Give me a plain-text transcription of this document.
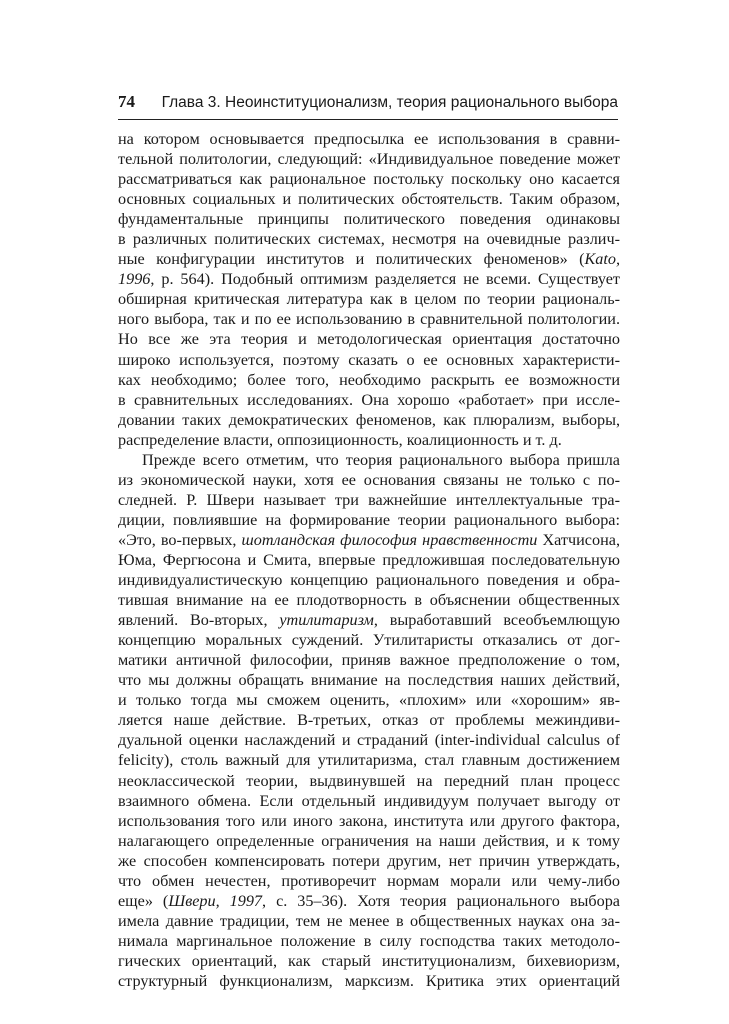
74 Глава 3. Неоинституционализм, теория рационального выбора
на котором основывается предпосылка ее использования в сравни-
тельной политологии, следующий: «Индивидуальное поведение может
рассматриваться как рациональное постольку поскольку оно касается
основных социальных и политических обстоятельств. Таким образом,
фундаментальные принципы политического поведения одинаковы
в различных политических системах, несмотря на очевидные различ-
ные конфигурации институтов и политических феноменов» (Kato,
1996, p. 564). Подобный оптимизм разделяется не всеми. Существует
обширная критическая литература как в целом по теории рациональ-
ного выбора, так и по ее использованию в сравнительной политологии.
Но все же эта теория и методологическая ориентация достаточно
широко используется, поэтому сказать о ее основных характеристи-
ках необходимо; более того, необходимо раскрыть ее возможности
в сравнительных исследованиях. Она хорошо «работает» при иссле-
довании таких демократических феноменов, как плюрализм, выборы,
распределение власти, оппозиционность, коалиционность и т. д.
Прежде всего отметим, что теория рационального выбора пришла
из экономической науки, хотя ее основания связаны не только с по-
следней. Р. Швери называет три важнейшие интеллектуальные тра-
диции, повлиявшие на формирование теории рационального выбора:
«Это, во-первых, шотландская философия нравственности Хатчисона,
Юма, Фергюсона и Смита, впервые предложившая последовательную
индивидуалистическую концепцию рационального поведения и обра-
тившая внимание на ее плодотворность в объяснении общественных
явлений. Во-вторых, утилитаризм, выработавший всеобъемлющую
концепцию моральных суждений. Утилитаристы отказались от дог-
матики античной философии, приняв важное предположение о том,
что мы должны обращать внимание на последствия наших действий,
и только тогда мы сможем оценить, «плохим» или «хорошим» яв-
ляется наше действие. В-третьих, отказ от проблемы межиндиви-
дуальной оценки наслаждений и страданий (inter-individual calculus of
felicity), столь важный для утилитаризма, стал главным достижением
неоклассической теории, выдвинувшей на передний план процесс
взаимного обмена. Если отдельный индивидуум получает выгоду от
использования того или иного закона, института или другого фактора,
налагающего определенные ограничения на наши действия, и к тому
же способен компенсировать потери другим, нет причин утверждать,
что обмен нечестен, противоречит нормам морали или чему-либо
еще» (Швери, 1997, с. 35–36). Хотя теория рационального выбора
имела давние традиции, тем не менее в общественных науках она за-
нимала маргинальное положение в силу господства таких методоло-
гических ориентаций, как старый институционализм, бихевиоризм,
структурный функционализм, марксизм. Критика этих ориентаций
